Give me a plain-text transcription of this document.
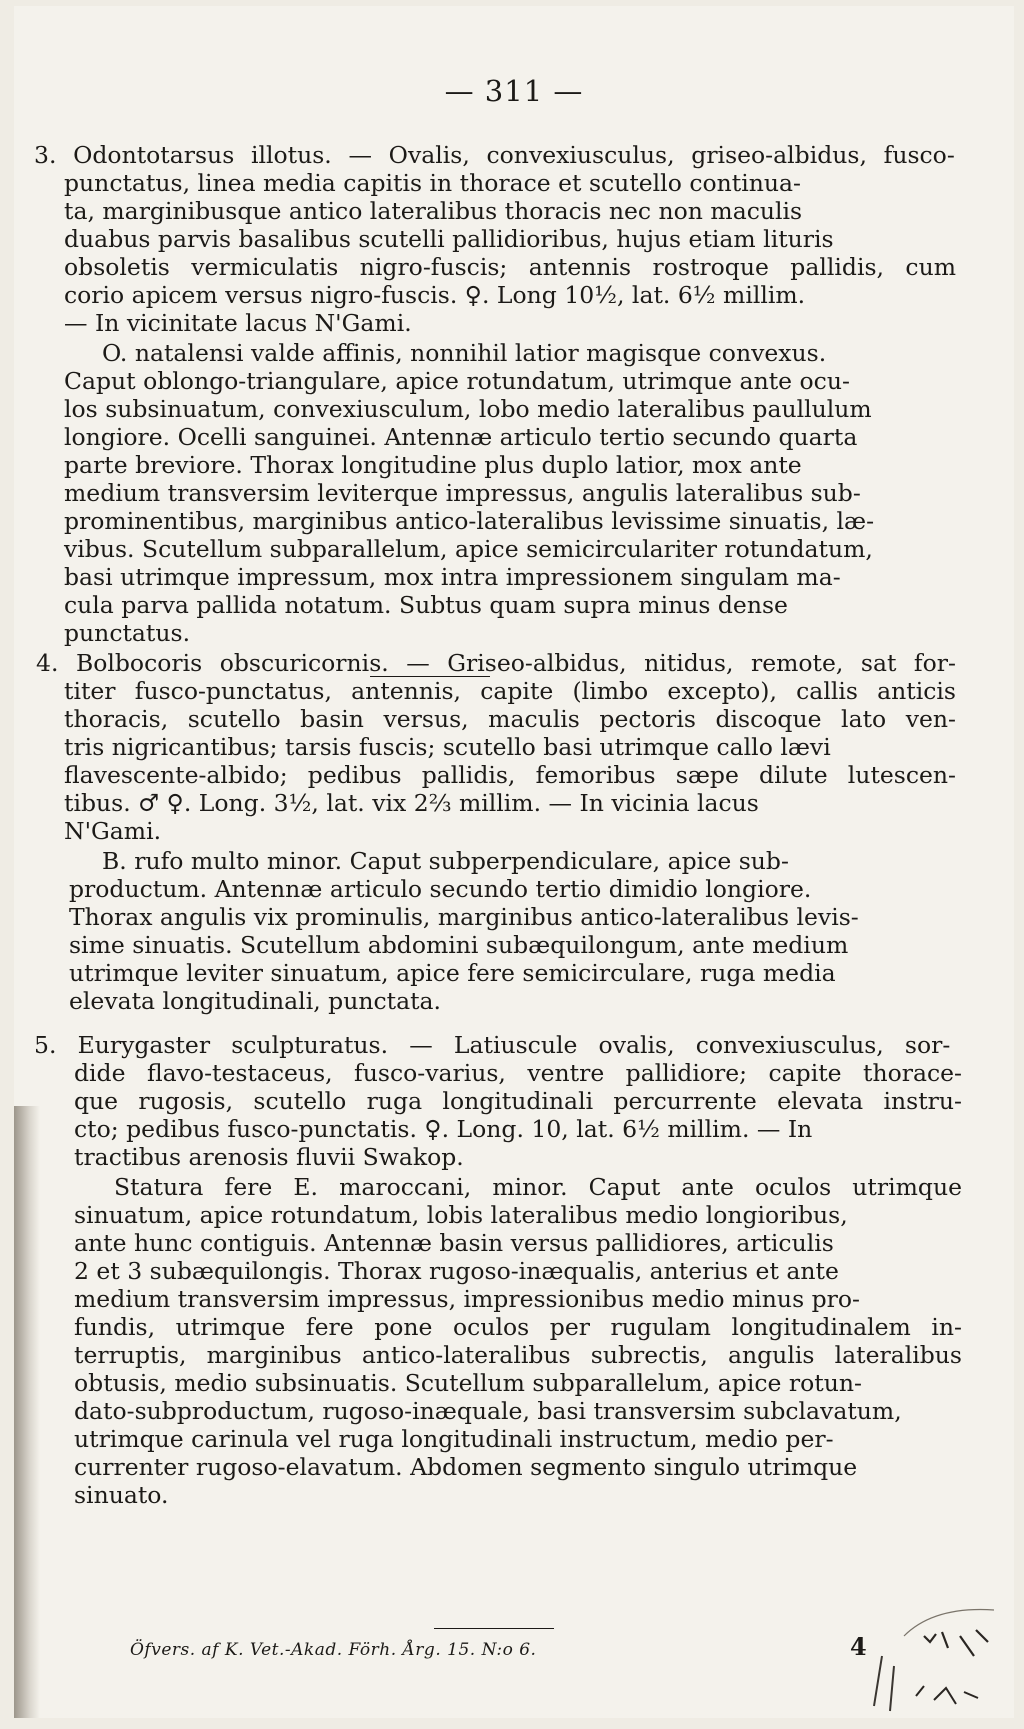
— 311 —
3. Odontotarsus illotus. — Ovalis, convexiusculus, griseo-albidus, fusco-
punctatus, linea media capitis in thorace et scutello continua-
ta, marginibusque antico lateralibus thoracis nec non maculis
duabus parvis basalibus scutelli pallidioribus, hujus etiam lituris
obsoletis vermiculatis nigro-fuscis; antennis rostroque pallidis, cum
corio apicem versus nigro-fuscis. ♀. Long 10½, lat. 6½ millim.
— In vicinitate lacus N'Gami.
O. natalensi valde affinis, nonnihil latior magisque convexus.
Caput oblongo-triangulare, apice rotundatum, utrimque ante ocu-
los subsinuatum, convexiusculum, lobo medio lateralibus paullulum
longiore. Ocelli sanguinei. Antennæ articulo tertio secundo quarta
parte breviore. Thorax longitudine plus duplo latior, mox ante
medium transversim leviterque impressus, angulis lateralibus sub-
prominentibus, marginibus antico-lateralibus levissime sinuatis, læ-
vibus. Scutellum subparallelum, apice semicirculariter rotundatum,
basi utrimque impressum, mox intra impressionem singulam ma-
cula parva pallida notatum. Subtus quam supra minus dense
punctatus.
4. Bolbocoris obscuricornis. — Griseo-albidus, nitidus, remote, sat for-
titer fusco-punctatus, antennis, capite (limbo excepto), callis anticis
thoracis, scutello basin versus, maculis pectoris discoque lato ven-
tris nigricantibus; tarsis fuscis; scutello basi utrimque callo lævi
flavescente-albido; pedibus pallidis, femoribus sæpe dilute lutescen-
tibus. ♂ ♀. Long. 3½, lat. vix 2⅔ millim. — In vicinia lacus
N'Gami.
B. rufo multo minor. Caput subperpendiculare, apice sub-
productum. Antennæ articulo secundo tertio dimidio longiore.
Thorax angulis vix prominulis, marginibus antico-lateralibus levis-
sime sinuatis. Scutellum abdomini subæquilongum, ante medium
utrimque leviter sinuatum, apice fere semicirculare, ruga media
elevata longitudinali, punctata.
5. Eurygaster sculpturatus. — Latiuscule ovalis, convexiusculus, sor-
dide flavo-testaceus, fusco-varius, ventre pallidiore; capite thorace-
que rugosis, scutello ruga longitudinali percurrente elevata instru-
cto; pedibus fusco-punctatis. ♀. Long. 10, lat. 6½ millim. — In
tractibus arenosis fluvii Swakop.
Statura fere E. maroccani, minor. Caput ante oculos utrimque
sinuatum, apice rotundatum, lobis lateralibus medio longioribus,
ante hunc contiguis. Antennæ basin versus pallidiores, articulis
2 et 3 subæquilongis. Thorax rugoso-inæqualis, anterius et ante
medium transversim impressus, impressionibus medio minus pro-
fundis, utrimque fere pone oculos per rugulam longitudinalem in-
terruptis, marginibus antico-lateralibus subrectis, angulis lateralibus
obtusis, medio subsinuatis. Scutellum subparallelum, apice rotun-
dato-subproductum, rugoso-inæquale, basi transversim subclavatum,
utrimque carinula vel ruga longitudinali instructum, medio per-
currenter rugoso-elavatum. Abdomen segmento singulo utrimque
sinuato.
Öfvers. af K. Vet.-Akad. Förh. Årg. 15. N:o 6.	4
